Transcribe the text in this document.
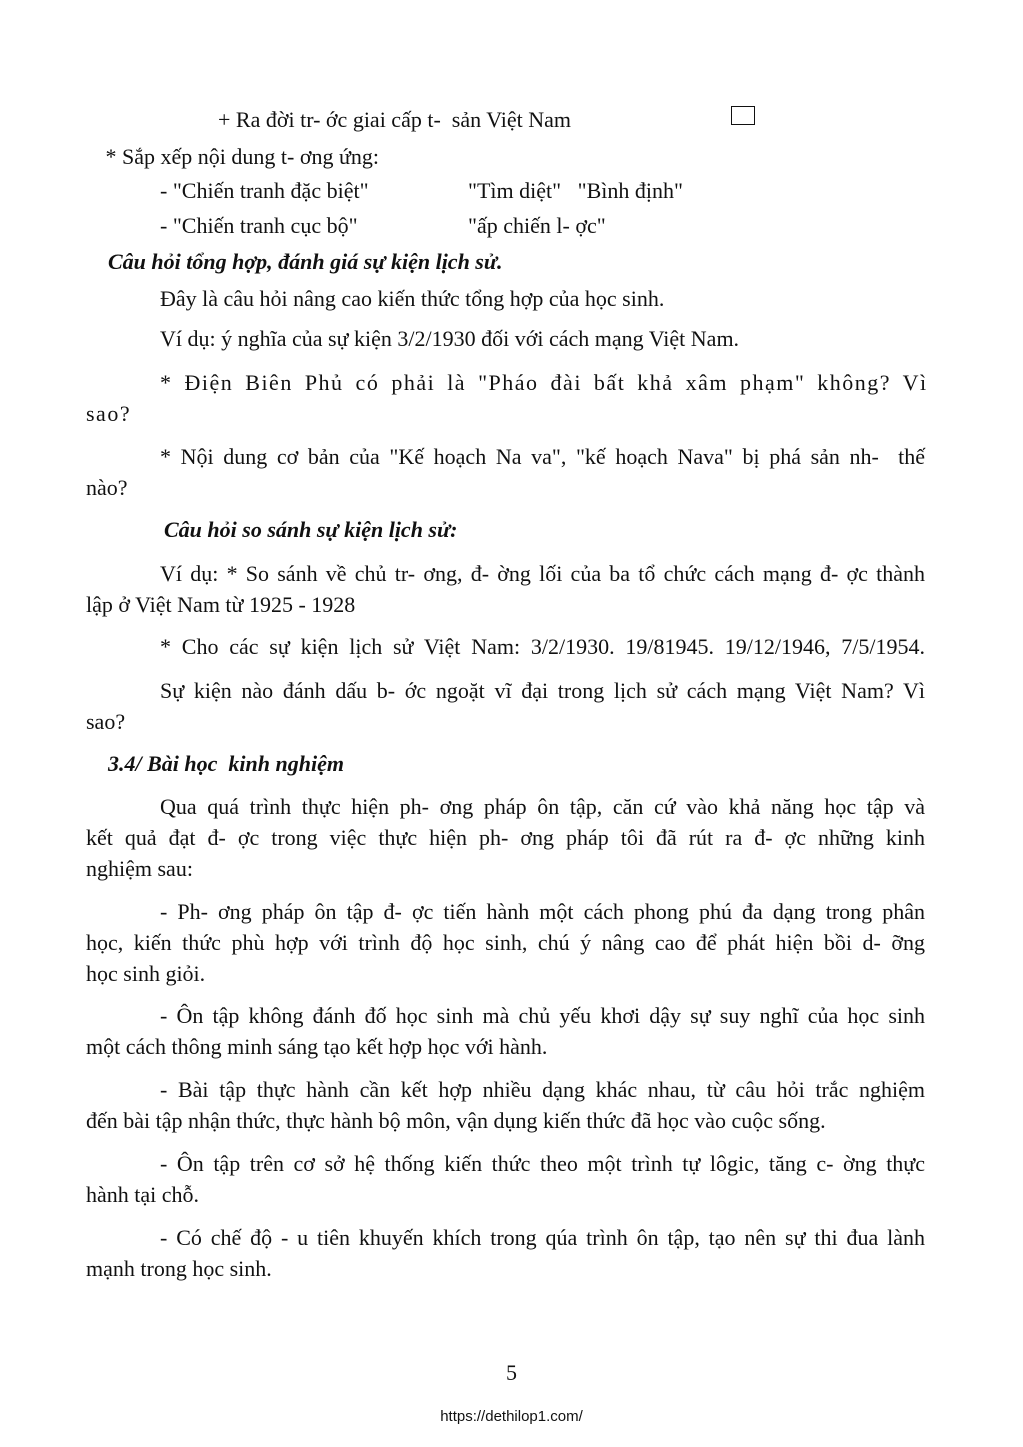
+ Ra đời tr- ớc giai cấp t-  sản Việt Nam
* Sắp xếp nội dung t- ơng ứng:
- "Chiến tranh đặc biệt"	"Tìm diệt"   "Bình định"
- "Chiến tranh cục bộ"	"ấp chiến l- ợc"
Câu hỏi tổng hợp, đánh giá sự kiện lịch sử.
Đây là câu hỏi nâng cao kiến thức tổng hợp của học sinh.
Ví dụ: ý nghĩa của sự kiện 3/2/1930 đối với cách mạng Việt Nam.
* Điện Biên Phủ có phải là "Pháo đài bất khả xâm phạm" không? Vì
sao?
* Nội dung cơ bản của "Kế hoạch Na va", "kế hoạch Nava" bị phá sản nh-  thế
nào?
Câu hỏi so sánh sự kiện lịch sử:
Ví dụ: * So sánh về chủ tr- ơng, đ- ờng lối của ba tổ chức cách mạng đ- ợc thành
lập ở Việt Nam từ 1925 - 1928
* Cho các sự kiện lịch sử Việt Nam: 3/2/1930. 19/81945. 19/12/1946, 7/5/1954.
Sự kiện nào đánh dấu b- ớc ngoặt vĩ đại trong lịch sử cách mạng Việt Nam? Vì
sao?
3.4/ Bài học  kinh nghiệm
Qua quá trình thực hiện ph- ơng pháp ôn tập, căn cứ vào khả năng học tập và
kết quả đạt đ- ợc trong việc thực hiện ph- ơng pháp tôi đã rút ra đ- ợc những kinh
nghiệm sau:
- Ph- ơng pháp ôn tập đ- ợc tiến hành một cách phong phú đa dạng trong phân
học, kiến thức phù hợp với trình độ học sinh, chú ý nâng cao để phát hiện bồi d- ỡng
học sinh giỏi.
- Ôn tập không đánh đố học sinh mà chủ yếu khơi dậy sự suy nghĩ của học sinh
một cách thông minh sáng tạo kết hợp học với hành.
- Bài tập thực hành cần kết hợp nhiều dạng khác nhau, từ câu hỏi trắc nghiệm
đến bài tập nhận thức, thực hành bộ môn, vận dụng kiến thức đã học vào cuộc sống.
- Ôn tập trên cơ sở hệ thống kiến thức theo một trình tự lôgic, tăng c- ờng thực
hành tại chỗ.
- Có chế độ - u tiên khuyến khích trong qúa trình ôn tập, tạo nên sự thi đua lành
mạnh trong học sinh.
5
https://dethilop1.com/
